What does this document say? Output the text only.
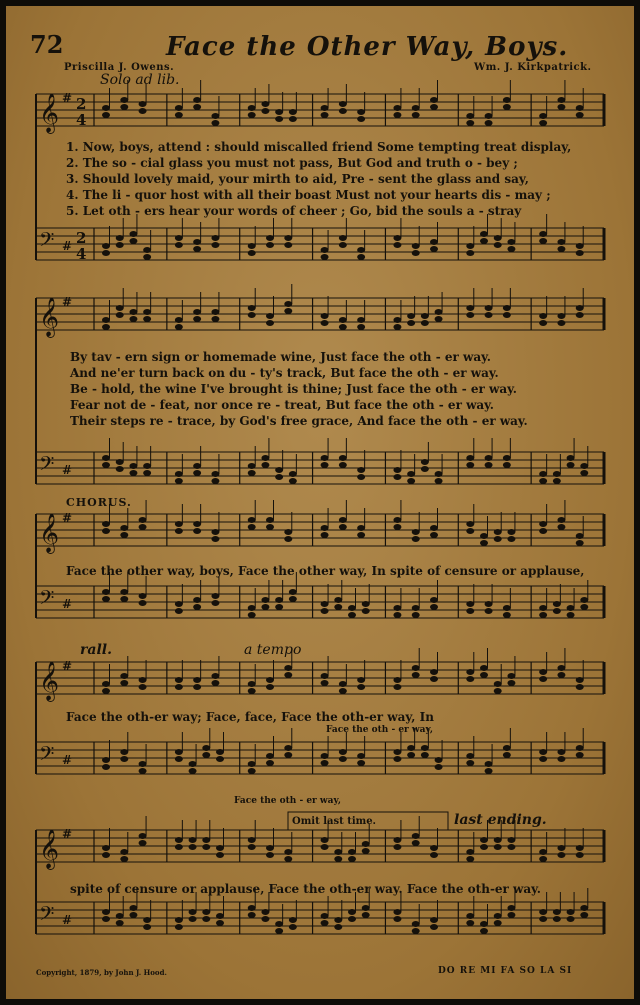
72	Face the Other Way, Boys.
Priscilla J. Owens.	Wm. J. Kirkpatrick.
Solo ad lib.
𝄞 # 2
4
𝄢 # 2
4
𝄞 #
𝄢 #
𝄞 #
𝄢 #
𝄞 #
𝄢 #
𝄞 #
𝄢 #
1. Now, boys, attend : should miscalled friend Some tempting treat display,
2. The so - cial glass you must not pass, But God and truth o - bey ;
3. Should lovely maid, your mirth to aid, Pre - sent the glass and say,
4. The li - quor host with all their boast Must not your hearts dis - may ;
5. Let oth - ers hear your words of cheer ; Go, bid the souls a - stray
By tav - ern sign or homemade wine, Just face the oth - er way.
And ne'er turn back on du - ty's track, But face the oth - er way.
Be - hold, the wine I've brought is thine; Just face the oth - er way.
Fear not de - feat, nor once re - treat, But face the oth - er way.
Their steps re - trace, by God's free grace, And face the oth - er way.
CHORUS.
Face the other way, boys, Face the other way, In spite of censure or applause,
rall.	a tempo
Face the oth-er way; Face, face, Face the oth-er way, In
Face the oth - er way,
Face the oth - er way,
Omit last time.	last ending.
spite of censure or applause, Face the oth-er way. Face the oth-er way.
Copyright, 1879, by John J. Hood.	DO RE MI FA SO LA SI
